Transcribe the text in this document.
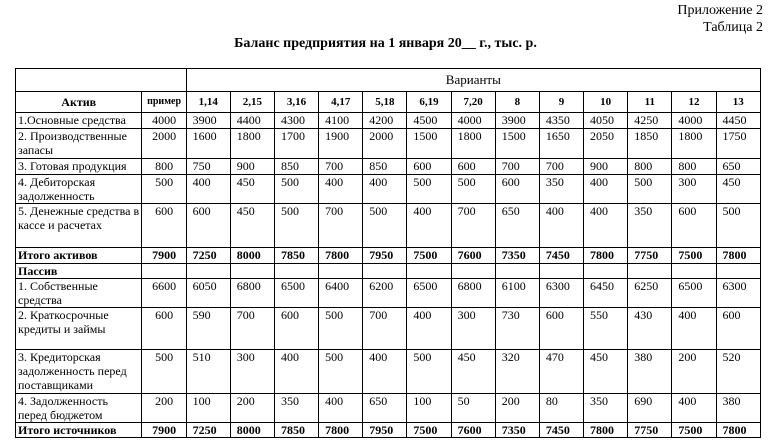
Приложение 2
Таблица 2
Баланс предприятия на 1 января 20__ г., тыс. р.
		Варианты												
Актив	пример	1,14	2,15	3,16	4,17	5,18	6,19	7,20	8	9	10	11	12	13
1.Основные средства	4000	3900	4400	4300	4100	4200	4500	4000	3900	4350	4050	4250	4000	4450
2. Производственные запасы	2000	1600	1800	1700	1900	2000	1500	1800	1500	1650	2050	1850	1800	1750
3. Готовая продукция	800	750	900	850	700	850	600	600	700	700	900	800	800	650
4. Дебиторская задолженность	500	400	450	500	400	400	500	500	600	350	400	500	300	450
5. Денежные средства в кассе и расчетах	600	600	450	500	700	500	400	700	650	400	400	350	600	500
Итого активов	7900	7250	8000	7850	7800	7950	7500	7600	7350	7450	7800	7750	7500	7800
Пассив														
1. Собственные средства	6600	6050	6800	6500	6400	6200	6500	6800	6100	6300	6450	6250	6500	6300
2. Краткосрочные кредиты и займы	600	590	700	600	500	700	400	300	730	600	550	430	400	600
3. Кредиторская задолженность перед поставщиками	500	510	300	400	500	400	500	450	320	470	450	380	200	520
4. Задолженность перед бюджетом	200	100	200	350	400	650	100	50	200	80	350	690	400	380
Итого источников	7900	7250	8000	7850	7800	7950	7500	7600	7350	7450	7800	7750	7500	7800
